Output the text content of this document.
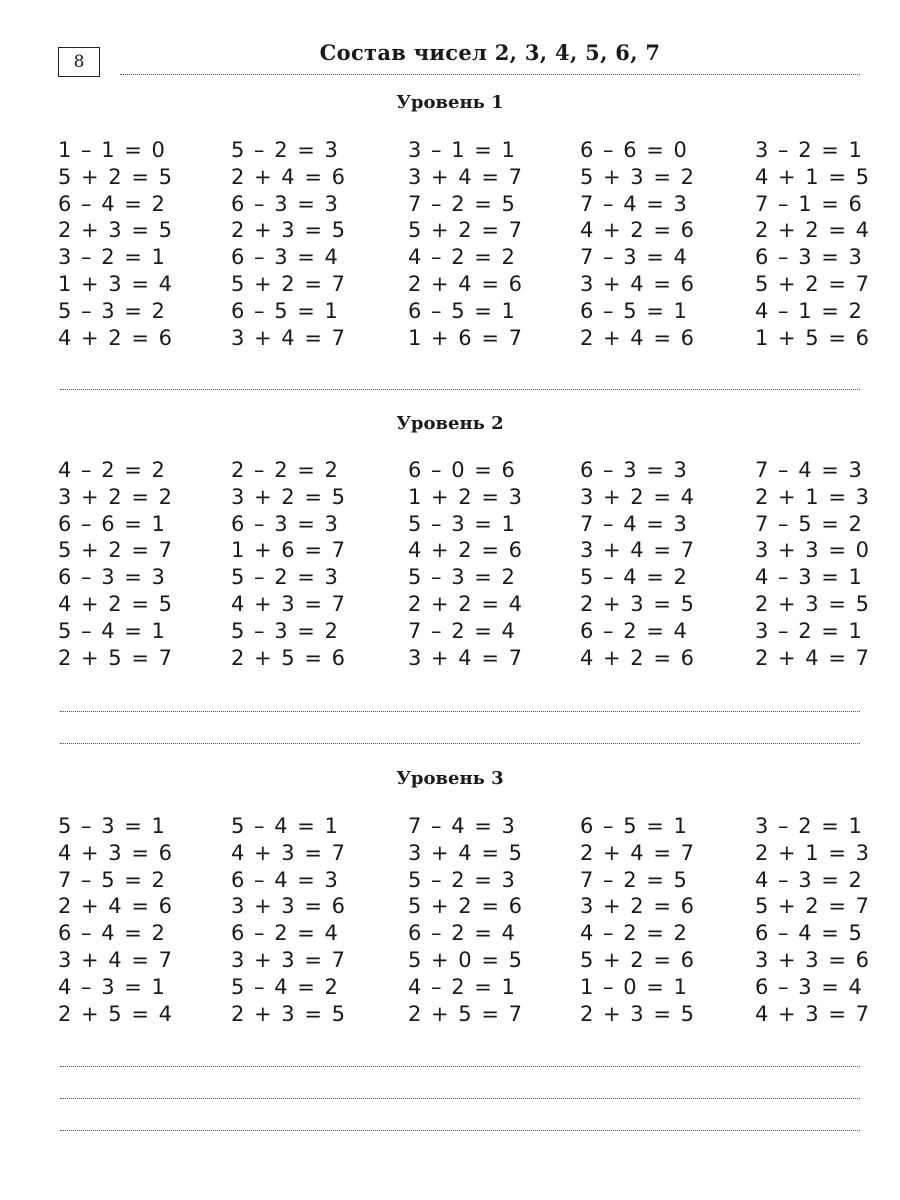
8	Состав чисел 2, 3, 4, 5, 6, 7
Уровень 1
1 – 1 = 0	5 – 2 = 3	3 – 1 = 1	6 – 6 = 0	3 – 2 = 1
5 + 2 = 5	2 + 4 = 6	3 + 4 = 7	5 + 3 = 2	4 + 1 = 5
6 – 4 = 2	6 – 3 = 3	7 – 2 = 5	7 – 4 = 3	7 – 1 = 6
2 + 3 = 5	2 + 3 = 5	5 + 2 = 7	4 + 2 = 6	2 + 2 = 4
3 – 2 = 1	6 – 3 = 4	4 – 2 = 2	7 – 3 = 4	6 – 3 = 3
1 + 3 = 4	5 + 2 = 7	2 + 4 = 6	3 + 4 = 6	5 + 2 = 7
5 – 3 = 2	6 – 5 = 1	6 – 5 = 1	6 – 5 = 1	4 – 1 = 2
4 + 2 = 6	3 + 4 = 7	1 + 6 = 7	2 + 4 = 6	1 + 5 = 6
Уровень 2
4 – 2 = 2	2 – 2 = 2	6 – 0 = 6	6 – 3 = 3	7 – 4 = 3
3 + 2 = 2	3 + 2 = 5	1 + 2 = 3	3 + 2 = 4	2 + 1 = 3
6 – 6 = 1	6 – 3 = 3	5 – 3 = 1	7 – 4 = 3	7 – 5 = 2
5 + 2 = 7	1 + 6 = 7	4 + 2 = 6	3 + 4 = 7	3 + 3 = 0
6 – 3 = 3	5 – 2 = 3	5 – 3 = 2	5 – 4 = 2	4 – 3 = 1
4 + 2 = 5	4 + 3 = 7	2 + 2 = 4	2 + 3 = 5	2 + 3 = 5
5 – 4 = 1	5 – 3 = 2	7 – 2 = 4	6 – 2 = 4	3 – 2 = 1
2 + 5 = 7	2 + 5 = 6	3 + 4 = 7	4 + 2 = 6	2 + 4 = 7
Уровень 3
5 – 3 = 1	5 – 4 = 1	7 – 4 = 3	6 – 5 = 1	3 – 2 = 1
4 + 3 = 6	4 + 3 = 7	3 + 4 = 5	2 + 4 = 7	2 + 1 = 3
7 – 5 = 2	6 – 4 = 3	5 – 2 = 3	7 – 2 = 5	4 – 3 = 2
2 + 4 = 6	3 + 3 = 6	5 + 2 = 6	3 + 2 = 6	5 + 2 = 7
6 – 4 = 2	6 – 2 = 4	6 – 2 = 4	4 – 2 = 2	6 – 4 = 5
3 + 4 = 7	3 + 3 = 7	5 + 0 = 5	5 + 2 = 6	3 + 3 = 6
4 – 3 = 1	5 – 4 = 2	4 – 2 = 1	1 – 0 = 1	6 – 3 = 4
2 + 5 = 4	2 + 3 = 5	2 + 5 = 7	2 + 3 = 5	4 + 3 = 7
